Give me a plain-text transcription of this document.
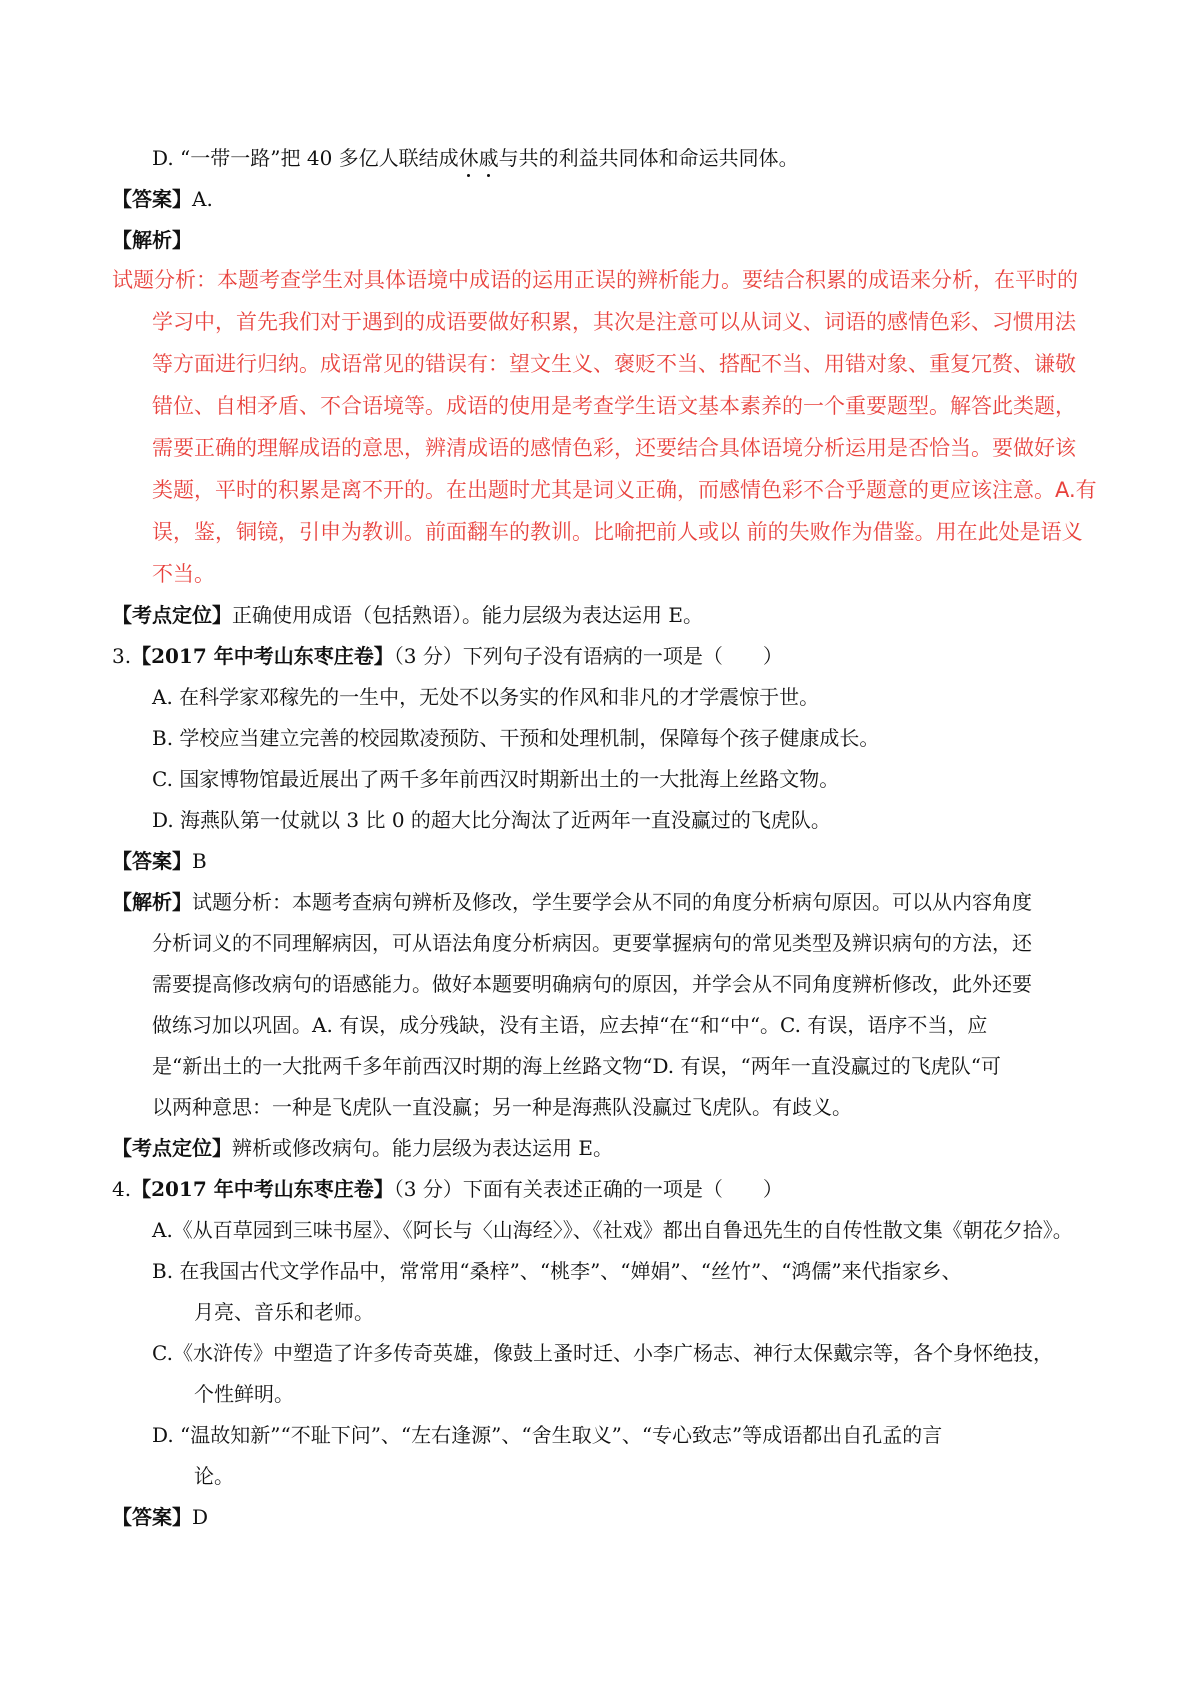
D. “一带一路”把 40 多亿人联结成休戚与共的利益共同体和命运共同体。
【答案】A.
【解析】
试题分析：本题考查学生对具体语境中成语的运用正误的辨析能力。要结合积累的成语来分析，在平时的
学习中，首先我们对于遇到的成语要做好积累，其次是注意可以从词义、词语的感情色彩、习惯用法
等方面进行归纳。成语常见的错误有：望文生义、褒贬不当、搭配不当、用错对象、重复冗赘、谦敬
错位、自相矛盾、不合语境等。成语的使用是考查学生语文基本素养的一个重要题型。解答此类题，
需要正确的理解成语的意思，辨清成语的感情色彩，还要结合具体语境分析运用是否恰当。要做好该
类题，平时的积累是离不开的。在出题时尤其是词义正确，而感情色彩不合乎题意的更应该注意。A.有
误，鉴，铜镜，引申为教训。前面翻车的教训。比喻把前人或以 前的失败作为借鉴。用在此处是语义
不当。
【考点定位】正确使用成语（包括熟语）。能力层级为表达运用 E。
3.【2017 年中考山东枣庄卷】（3 分）下列句子没有语病的一项是（　　）
A. 在科学家邓稼先的一生中，无处不以务实的作风和非凡的才学震惊于世。
B. 学校应当建立完善的校园欺凌预防、干预和处理机制，保障每个孩子健康成长。
C. 国家博物馆最近展出了两千多年前西汉时期新出土的一大批海上丝路文物。
D. 海燕队第一仗就以 3 比 0 的超大比分淘汰了近两年一直没赢过的飞虎队。
【答案】B
【解析】试题分析：本题考查病句辨析及修改，学生要学会从不同的角度分析病句原因。可以从内容角度
分析词义的不同理解病因，可从语法角度分析病因。更要掌握病句的常见类型及辨识病句的方法，还
需要提高修改病句的语感能力。做好本题要明确病句的原因，并学会从不同角度辨析修改，此外还要
做练习加以巩固。A. 有误，成分残缺，没有主语，应去掉“在“和“中“。C. 有误，语序不当，应
是“新出土的一大批两千多年前西汉时期的海上丝路文物“D. 有误，“两年一直没赢过的飞虎队“可
以两种意思：一种是飞虎队一直没赢；另一种是海燕队没赢过飞虎队。有歧义。
【考点定位】辨析或修改病句。能力层级为表达运用 E。
4.【2017 年中考山东枣庄卷】（3 分）下面有关表述正确的一项是（　　）
A.《从百草园到三味书屋》、《阿长与〈山海经〉》、《社戏》都出自鲁迅先生的自传性散文集《朝花夕拾》。
B. 在我国古代文学作品中，常常用“桑梓”、“桃李”、“婵娟”、“丝竹”、“鸿儒”来代指家乡、
月亮、音乐和老师。
C.《水浒传》中塑造了许多传奇英雄，像鼓上蚤时迁、小李广杨志、神行太保戴宗等，各个身怀绝技，
个性鲜明。
D. “温故知新”“不耻下问”、“左右逢源”、“舍生取义”、“专心致志”等成语都出自孔孟的言
论。
【答案】D
